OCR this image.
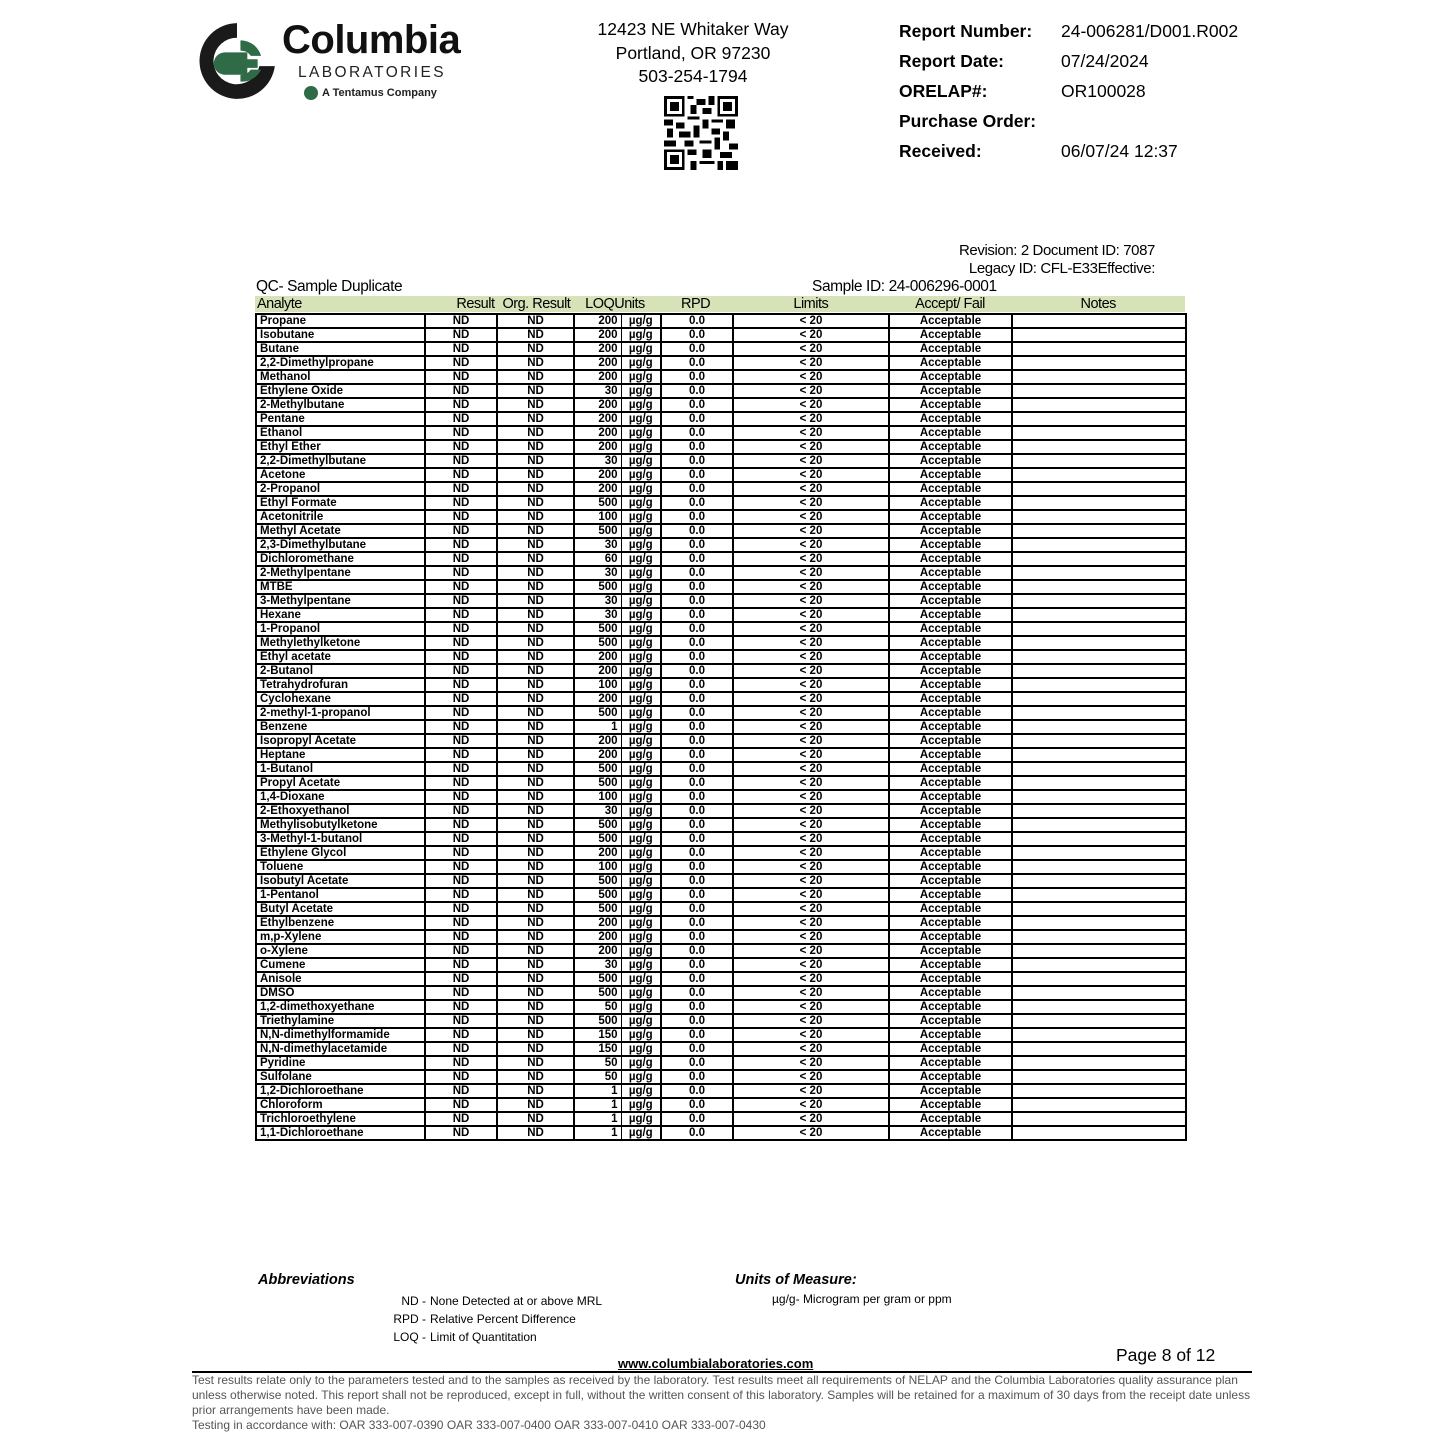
Columbia
LABORATORIES
A Tentamus Company
12423 NE Whitaker Way
Portland, OR 97230
503-254-1794
Report Number:	24-006281/D001.R002
Report Date:	07/24/2024
ORELAP#:	OR100028
Purchase Order:
Received:	06/07/24 12:37
Revision: 2 Document ID: 7087
Legacy ID: CFL-E33Effective:
QC- Sample Duplicate	Sample ID: 24-006296-0001
Analyte	Result Org. Result	LOQ Units	RPD	Limits	Accept/ Fail	Notes
Propane	ND	ND	200	µg/g	0.0	< 20	Acceptable	
Isobutane	ND	ND	200	µg/g	0.0	< 20	Acceptable	
Butane	ND	ND	200	µg/g	0.0	< 20	Acceptable	
2,2-Dimethylpropane	ND	ND	200	µg/g	0.0	< 20	Acceptable	
Methanol	ND	ND	200	µg/g	0.0	< 20	Acceptable	
Ethylene Oxide	ND	ND	30	µg/g	0.0	< 20	Acceptable	
2-Methylbutane	ND	ND	200	µg/g	0.0	< 20	Acceptable	
Pentane	ND	ND	200	µg/g	0.0	< 20	Acceptable	
Ethanol	ND	ND	200	µg/g	0.0	< 20	Acceptable	
Ethyl Ether	ND	ND	200	µg/g	0.0	< 20	Acceptable	
2,2-Dimethylbutane	ND	ND	30	µg/g	0.0	< 20	Acceptable	
Acetone	ND	ND	200	µg/g	0.0	< 20	Acceptable	
2-Propanol	ND	ND	200	µg/g	0.0	< 20	Acceptable	
Ethyl Formate	ND	ND	500	µg/g	0.0	< 20	Acceptable	
Acetonitrile	ND	ND	100	µg/g	0.0	< 20	Acceptable	
Methyl Acetate	ND	ND	500	µg/g	0.0	< 20	Acceptable	
2,3-Dimethylbutane	ND	ND	30	µg/g	0.0	< 20	Acceptable	
Dichloromethane	ND	ND	60	µg/g	0.0	< 20	Acceptable	
2-Methylpentane	ND	ND	30	µg/g	0.0	< 20	Acceptable	
MTBE	ND	ND	500	µg/g	0.0	< 20	Acceptable	
3-Methylpentane	ND	ND	30	µg/g	0.0	< 20	Acceptable	
Hexane	ND	ND	30	µg/g	0.0	< 20	Acceptable	
1-Propanol	ND	ND	500	µg/g	0.0	< 20	Acceptable	
Methylethylketone	ND	ND	500	µg/g	0.0	< 20	Acceptable	
Ethyl acetate	ND	ND	200	µg/g	0.0	< 20	Acceptable	
2-Butanol	ND	ND	200	µg/g	0.0	< 20	Acceptable	
Tetrahydrofuran	ND	ND	100	µg/g	0.0	< 20	Acceptable	
Cyclohexane	ND	ND	200	µg/g	0.0	< 20	Acceptable	
2-methyl-1-propanol	ND	ND	500	µg/g	0.0	< 20	Acceptable	
Benzene	ND	ND	1	µg/g	0.0	< 20	Acceptable	
Isopropyl Acetate	ND	ND	200	µg/g	0.0	< 20	Acceptable	
Heptane	ND	ND	200	µg/g	0.0	< 20	Acceptable	
1-Butanol	ND	ND	500	µg/g	0.0	< 20	Acceptable	
Propyl Acetate	ND	ND	500	µg/g	0.0	< 20	Acceptable	
1,4-Dioxane	ND	ND	100	µg/g	0.0	< 20	Acceptable	
2-Ethoxyethanol	ND	ND	30	µg/g	0.0	< 20	Acceptable	
Methylisobutylketone	ND	ND	500	µg/g	0.0	< 20	Acceptable	
3-Methyl-1-butanol	ND	ND	500	µg/g	0.0	< 20	Acceptable	
Ethylene Glycol	ND	ND	200	µg/g	0.0	< 20	Acceptable	
Toluene	ND	ND	100	µg/g	0.0	< 20	Acceptable	
Isobutyl Acetate	ND	ND	500	µg/g	0.0	< 20	Acceptable	
1-Pentanol	ND	ND	500	µg/g	0.0	< 20	Acceptable	
Butyl Acetate	ND	ND	500	µg/g	0.0	< 20	Acceptable	
Ethylbenzene	ND	ND	200	µg/g	0.0	< 20	Acceptable	
m,p-Xylene	ND	ND	200	µg/g	0.0	< 20	Acceptable	
o-Xylene	ND	ND	200	µg/g	0.0	< 20	Acceptable	
Cumene	ND	ND	30	µg/g	0.0	< 20	Acceptable	
Anisole	ND	ND	500	µg/g	0.0	< 20	Acceptable	
DMSO	ND	ND	500	µg/g	0.0	< 20	Acceptable	
1,2-dimethoxyethane	ND	ND	50	µg/g	0.0	< 20	Acceptable	
Triethylamine	ND	ND	500	µg/g	0.0	< 20	Acceptable	
N,N-dimethylformamide	ND	ND	150	µg/g	0.0	< 20	Acceptable	
N,N-dimethylacetamide	ND	ND	150	µg/g	0.0	< 20	Acceptable	
Pyridine	ND	ND	50	µg/g	0.0	< 20	Acceptable	
Sulfolane	ND	ND	50	µg/g	0.0	< 20	Acceptable	
1,2-Dichloroethane	ND	ND	1	µg/g	0.0	< 20	Acceptable	
Chloroform	ND	ND	1	µg/g	0.0	< 20	Acceptable	
Trichloroethylene	ND	ND	1	µg/g	0.0	< 20	Acceptable	
1,1-Dichloroethane	ND	ND	1	µg/g	0.0	< 20	Acceptable	
Abbreviations
ND - None Detected at or above MRL
RPD - Relative Percent Difference
LOQ - Limit of Quantitation
Units of Measure:
µg/g- Microgram per gram or ppm
Page 8 of 12
www.columbialaboratories.com
Test results relate only to the parameters tested and to the samples as received by the laboratory. Test results meet all requirements of NELAP and the Columbia Laboratories quality assurance plan
unless otherwise noted. This report shall not be reproduced, except in full, without the written consent of this laboratory. Samples will be retained for a maximum of 30 days from the receipt date unless
prior arrangements have been made.
Testing in accordance with: OAR 333-007-0390 OAR 333-007-0400 OAR 333-007-0410 OAR 333-007-0430
